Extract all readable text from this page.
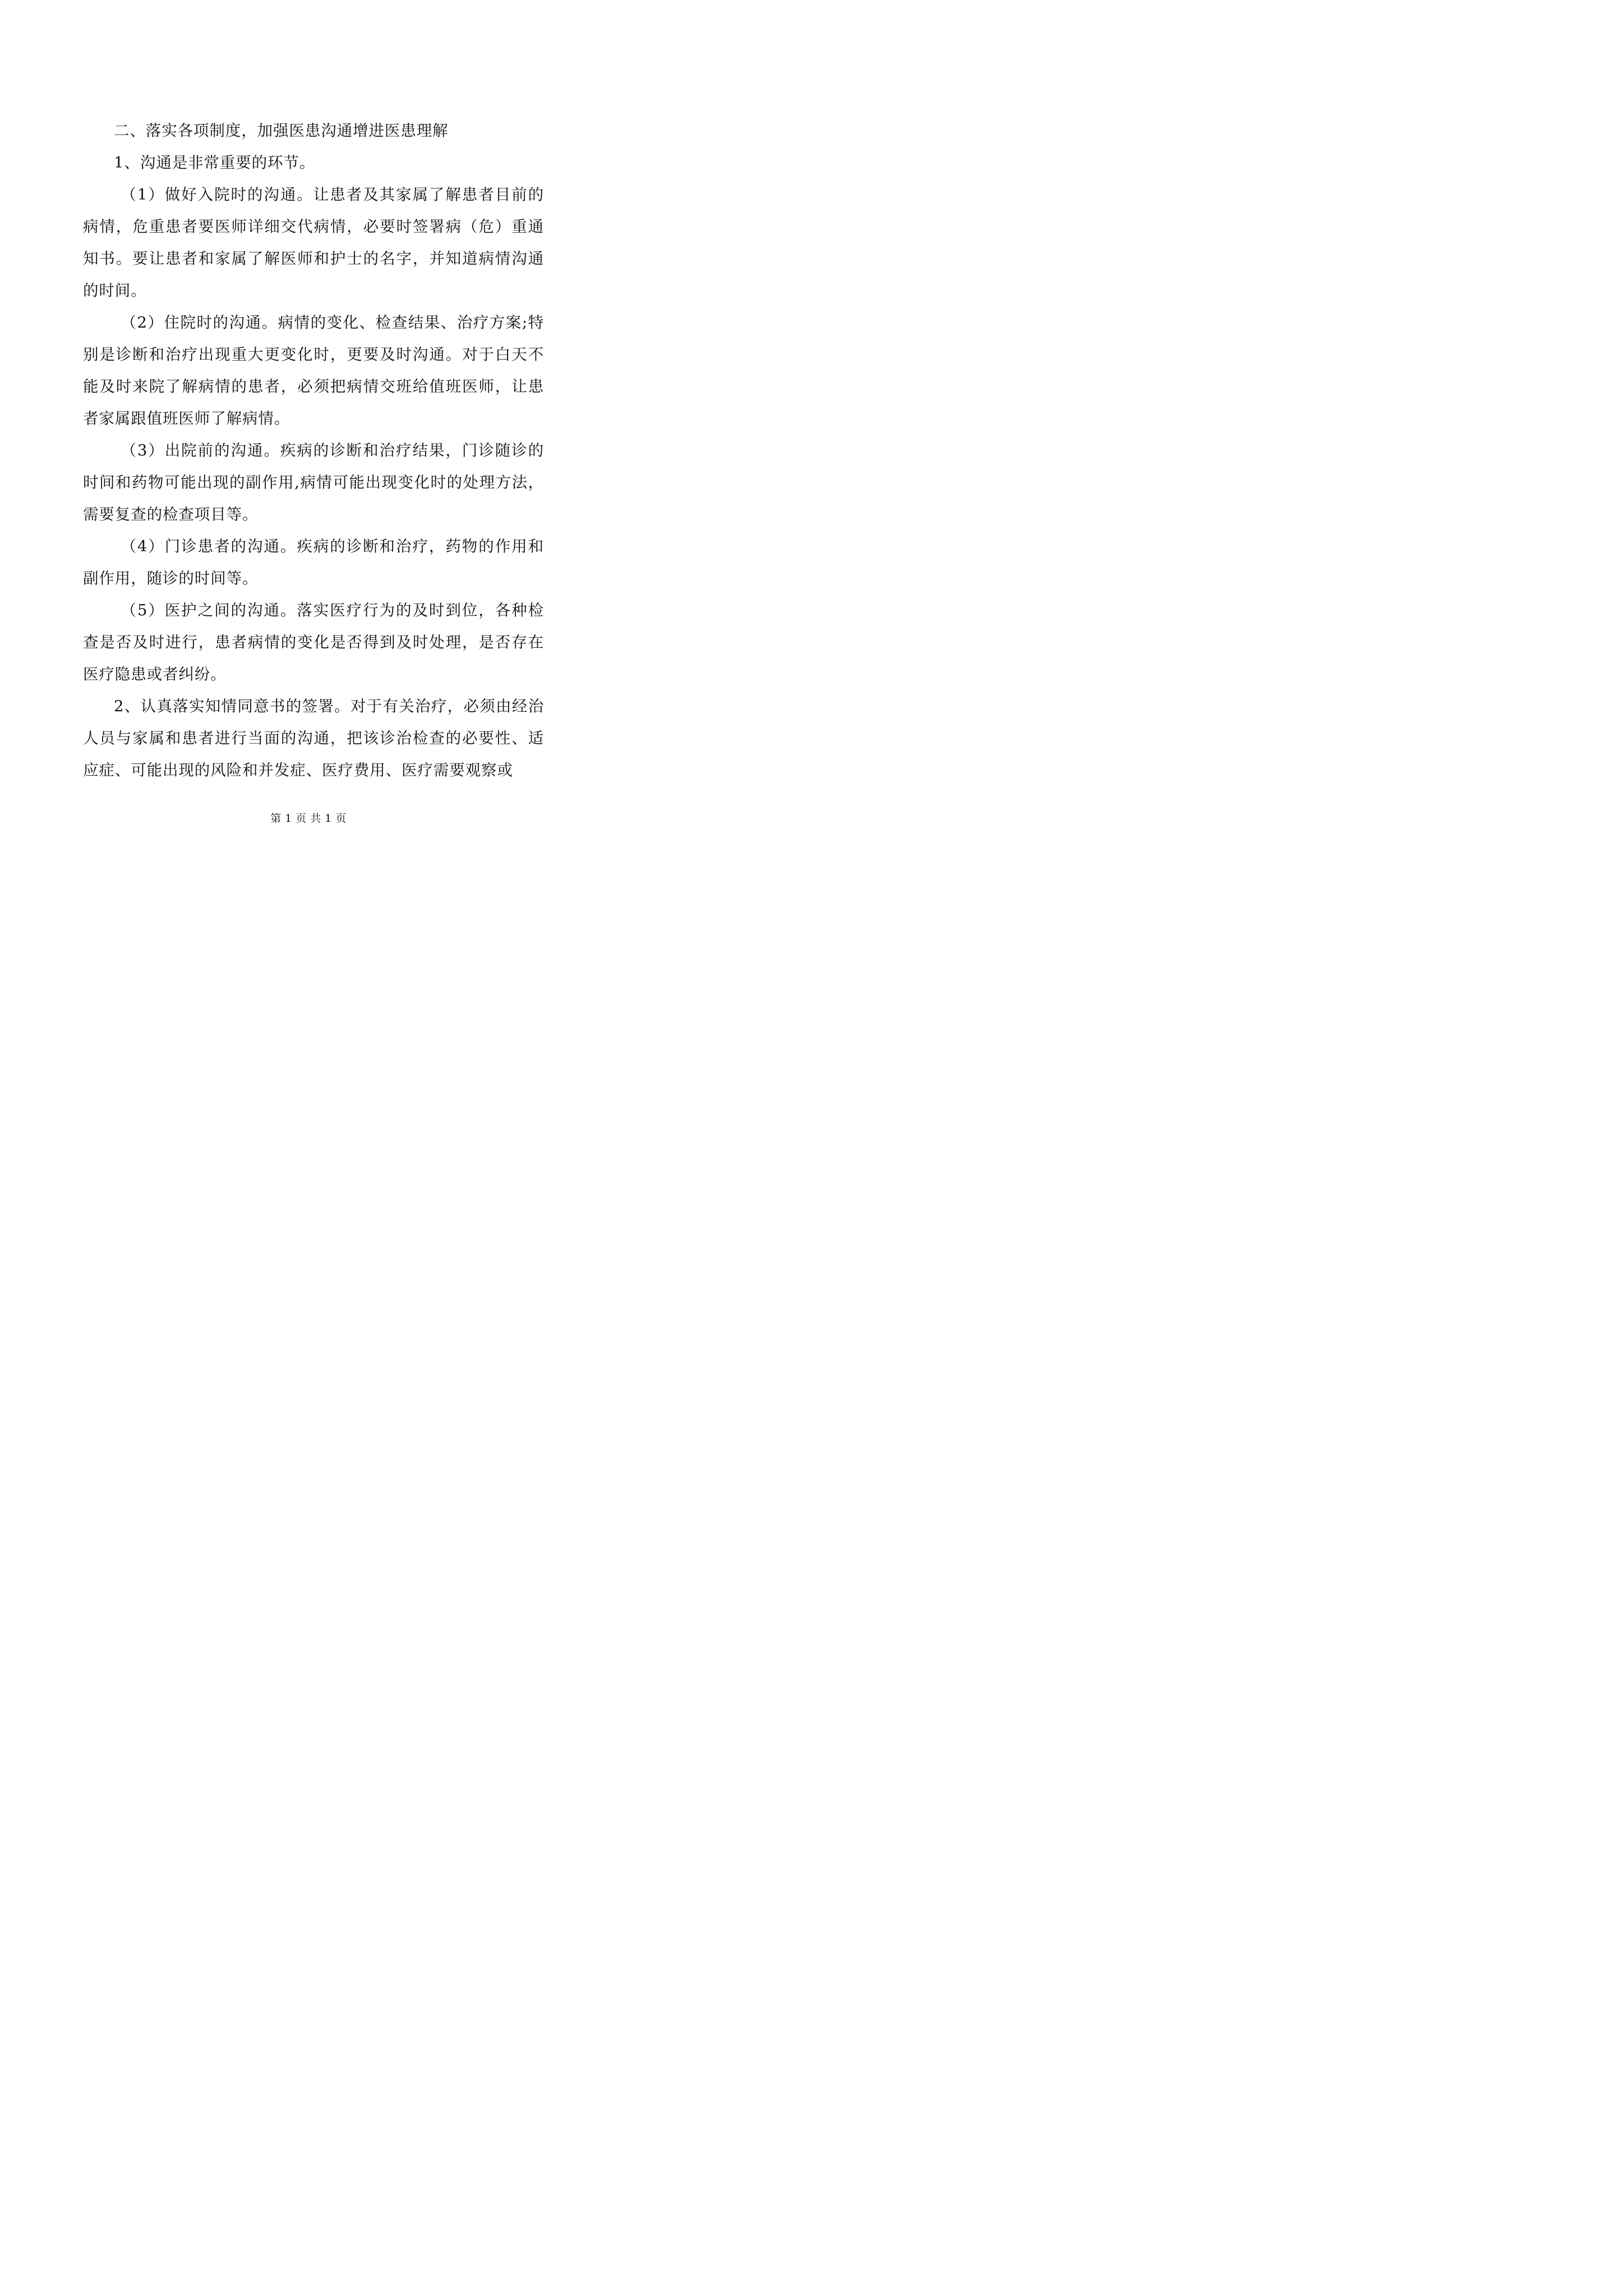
二、落实各项制度，加强医患沟通增进医患理解

1、沟通是非常重要的环节。

（1）做好入院时的沟通。让患者及其家属了解患者目前的病情，危重患者要医师详细交代病情，必要时签署病（危）重通知书。要让患者和家属了解医师和护士的名字，并知道病情沟通的时间。

（2）住院时的沟通。病情的变化、检查结果、治疗方案;特别是诊断和治疗出现重大更变化时，更要及时沟通。对于白天不能及时来院了解病情的患者，必须把病情交班给值班医师，让患者家属跟值班医师了解病情。

（3）出院前的沟通。疾病的诊断和治疗结果，门诊随诊的时间和药物可能出现的副作用,病情可能出现变化时的处理方法，需要复查的检查项目等。

（4）门诊患者的沟通。疾病的诊断和治疗，药物的作用和副作用，随诊的时间等。

（5）医护之间的沟通。落实医疗行为的及时到位，各种检查是否及时进行，患者病情的变化是否得到及时处理，是否存在医疗隐患或者纠纷。

2、认真落实知情同意书的签署。对于有关治疗，必须由经治人员与家属和患者进行当面的沟通，把该诊治检查的必要性、适应症、可能出现的风险和并发症、医疗费用、医疗需要观察或

第 1 页 共 1 页
